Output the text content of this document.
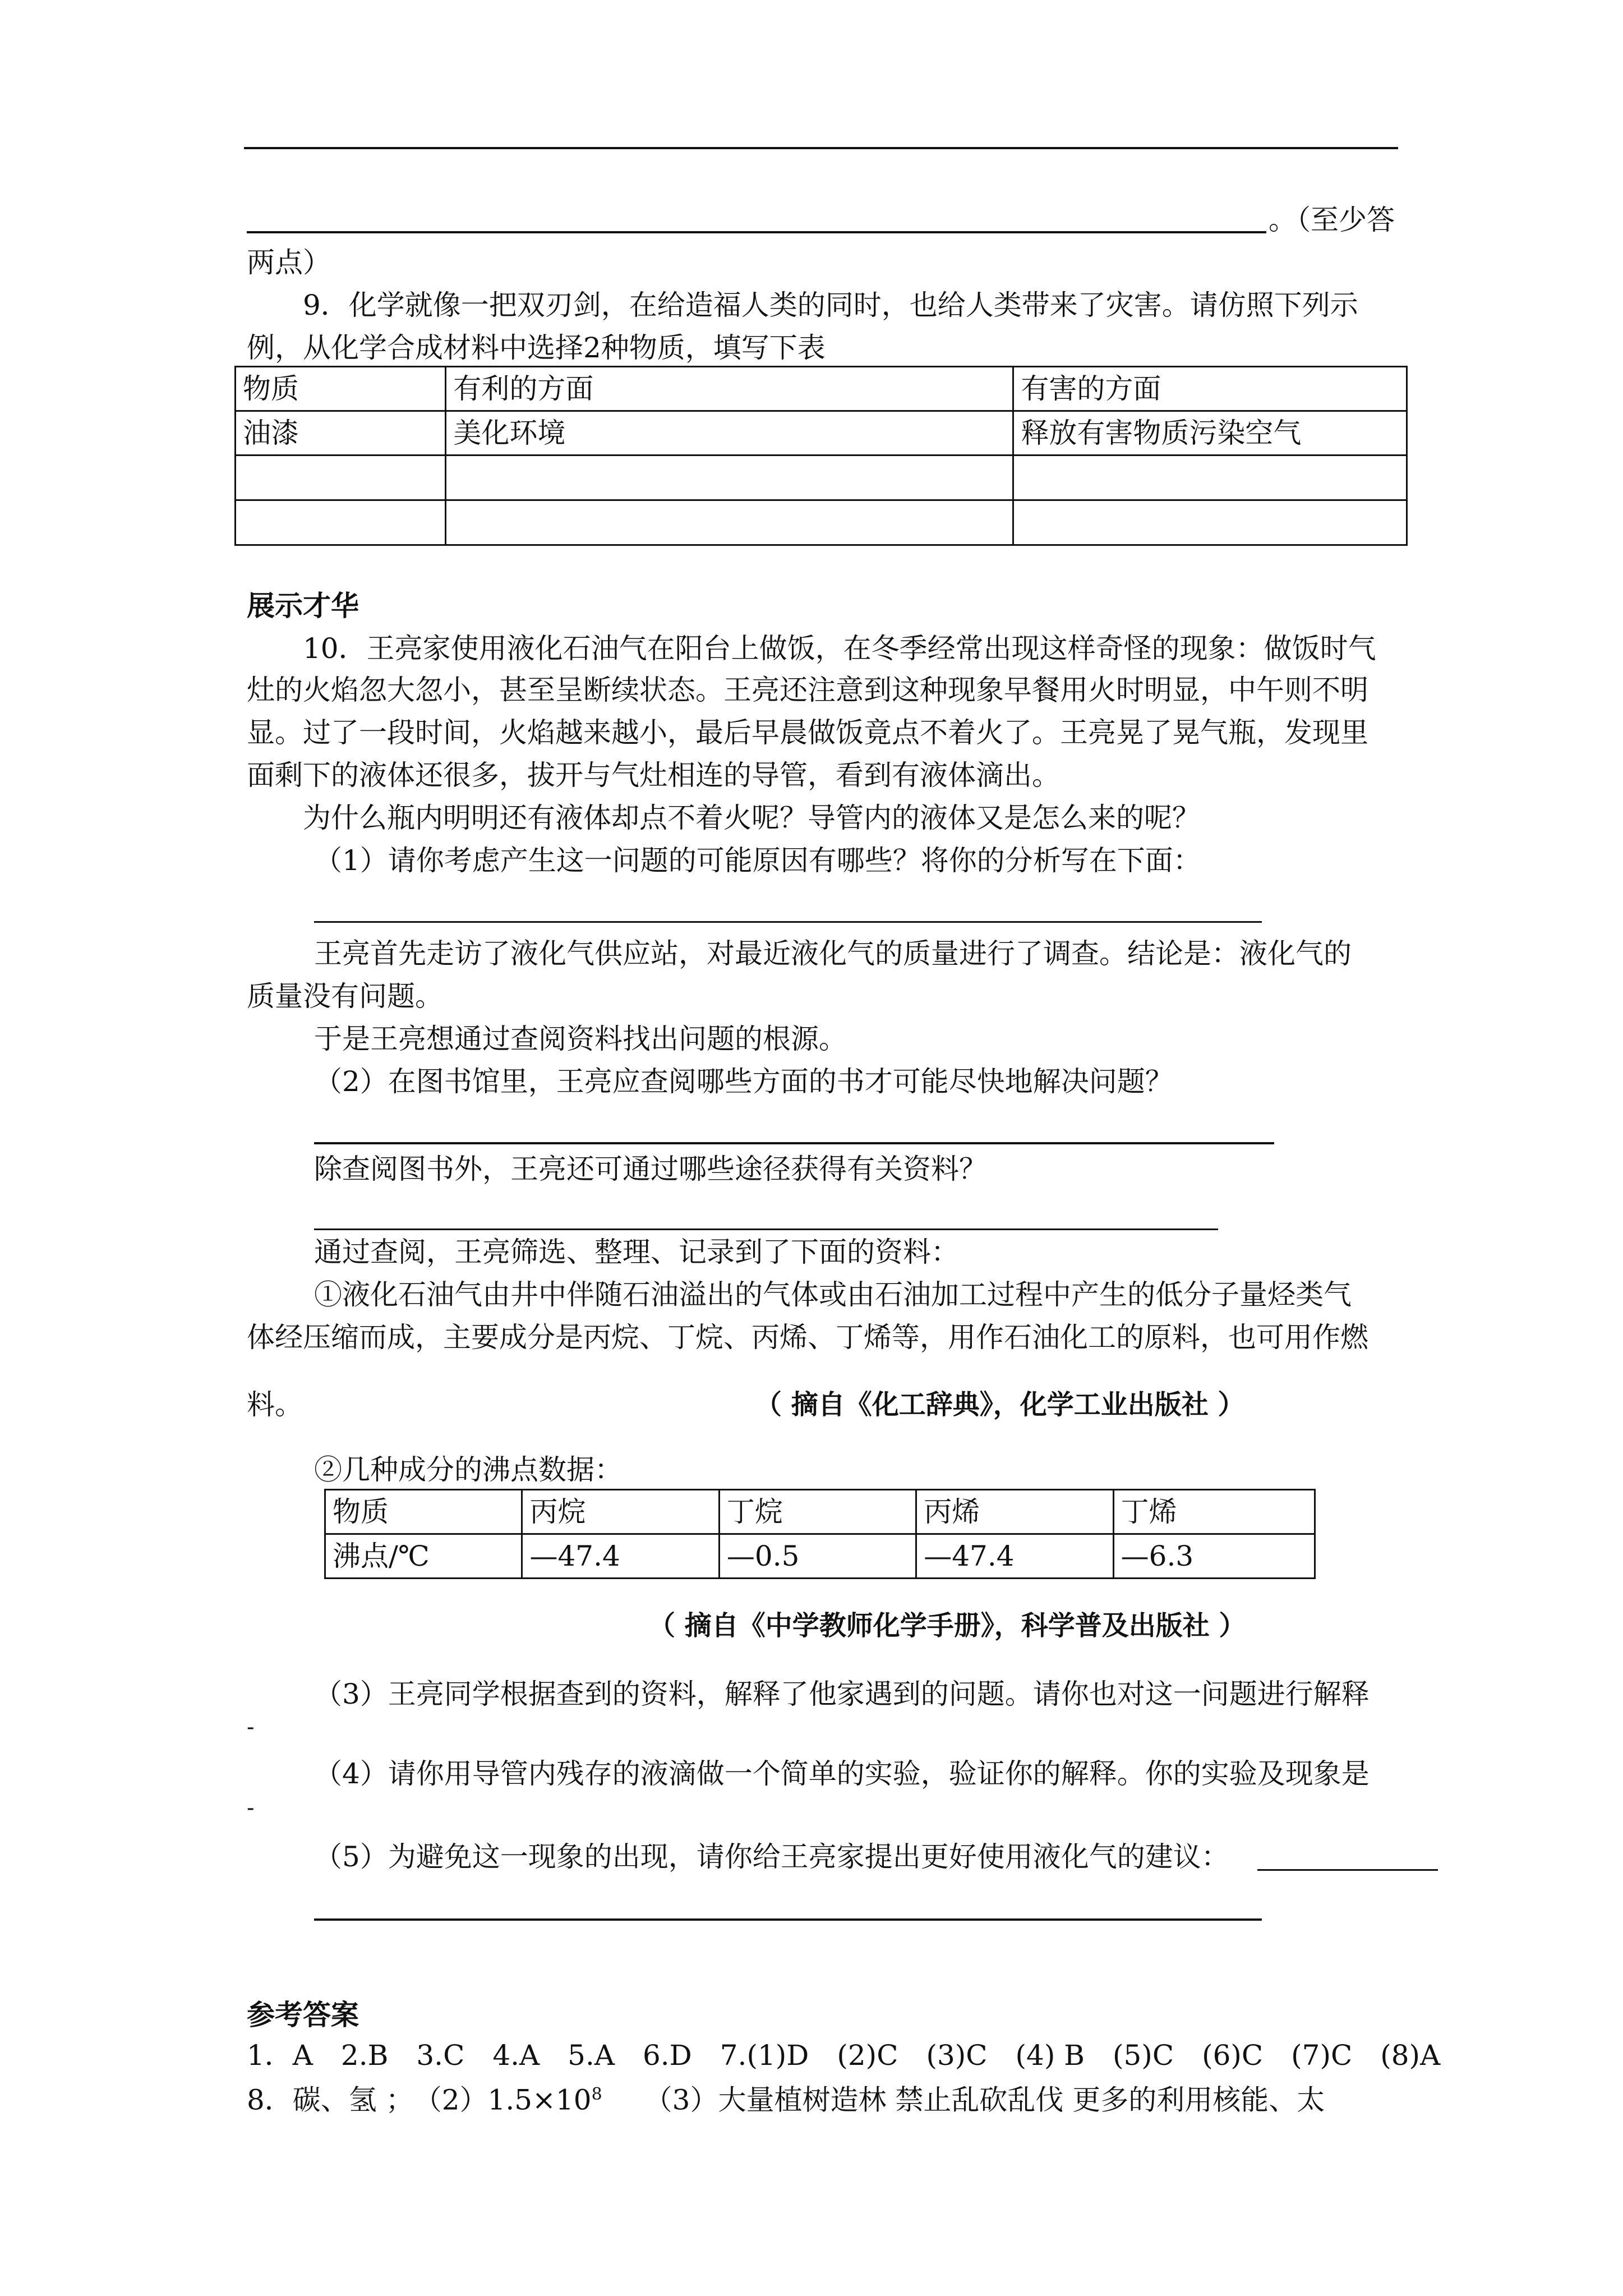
。（至少答
两点）
9．化学就像一把双刃剑，在给造福人类的同时，也给人类带来了灾害。请仿照下列示
例，从化学合成材料中选择2种物质，填写下表
物质	有利的方面	有害的方面
油漆	美化环境	释放有害物质污染空气

展示才华
10．王亮家使用液化石油气在阳台上做饭，在冬季经常出现这样奇怪的现象：做饭时气
灶的火焰忽大忽小，甚至呈断续状态。王亮还注意到这种现象早餐用火时明显，中午则不明
显。过了一段时间，火焰越来越小，最后早晨做饭竟点不着火了。王亮晃了晃气瓶，发现里
面剩下的液体还很多，拔开与气灶相连的导管，看到有液体滴出。
为什么瓶内明明还有液体却点不着火呢？导管内的液体又是怎么来的呢？
（1）请你考虑产生这一问题的可能原因有哪些？将你的分析写在下面：
王亮首先走访了液化气供应站，对最近液化气的质量进行了调查。结论是：液化气的
质量没有问题。
于是王亮想通过查阅资料找出问题的根源。
（2）在图书馆里，王亮应查阅哪些方面的书才可能尽快地解决问题？
除查阅图书外，王亮还可通过哪些途径获得有关资料？
通过查阅，王亮筛选、整理、记录到了下面的资料：
①液化石油气由井中伴随石油溢出的气体或由石油加工过程中产生的低分子量烃类气
体经压缩而成，主要成分是丙烷、丁烷、丙烯、丁烯等，用作石油化工的原料，也可用作燃
料。	（ 摘自《化工辞典》，化学工业出版社 ）
②几种成分的沸点数据：
物质	丙烷	丁烷	丙烯	丁烯
沸点/℃	—47.4	—0.5	—47.4	—6.3
（ 摘自《中学教师化学手册》，科学普及出版社 ）
（3）王亮同学根据查到的资料，解释了他家遇到的问题。请你也对这一问题进行解释
-
（4）请你用导管内残存的液滴做一个简单的实验，验证你的解释。你的实验及现象是
-
（5）为避免这一现象的出现，请你给王亮家提出更好使用液化气的建议：
参考答案
1．A　2.B　3.C　4.A　5.A　6.D　7.(1)D　(2)C　(3)C　(4) B　(5)C　(6)C　(7)C　(8)A
8．碳、氢 ；　$(2)1.5\times 10^8$　　（3）大量植树造林 禁止乱砍乱伐 更多的利用核能、太
